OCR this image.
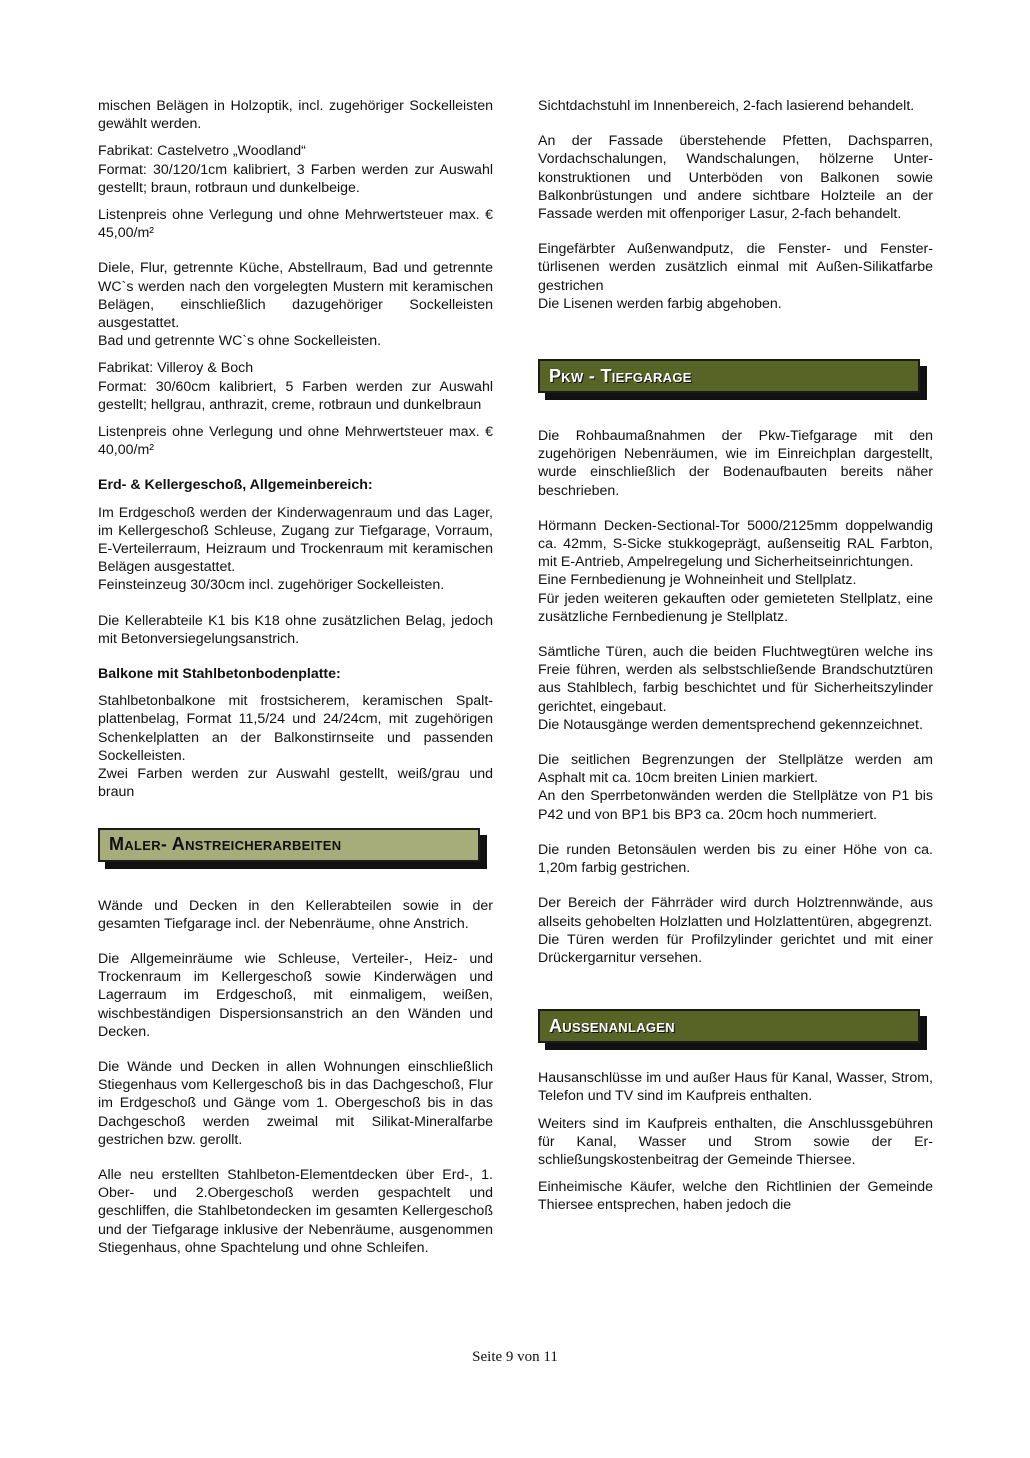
mischen Belägen in Holzoptik, incl. zugehöriger Sockelleisten gewählt werden.

Fabrikat: Castelvetro „Woodland“

Format: 30/120/1cm kalibriert, 3 Farben werden zur Auswahl gestellt; braun, rotbraun und dunkelbeige.

Listenpreis ohne Verlegung und ohne Mehrwertsteuer max. € 45,00/m²

Diele, Flur, getrennte Küche, Abstellraum, Bad und getrennte WC`s werden nach den vorgelegten Mustern mit keramischen Belägen, einschließlich dazugehöriger Sockelleisten ausgestattet.

Bad und getrennte WC`s ohne Sockelleisten.

Fabrikat: Villeroy & Boch

Format: 30/60cm kalibriert, 5 Farben werden zur Auswahl gestellt; hellgrau, anthrazit, creme, rotbraun und dunkelbraun

Listenpreis ohne Verlegung und ohne Mehrwertsteuer max. € 40,00/m²

Erd- & Kellergeschoß, Allgemeinbereich:

Im Erdgeschoß werden der Kinderwagenraum und das Lager, im Kellergeschoß Schleuse, Zugang zur Tiefgarage, Vorraum, E-Verteilerraum, Heizraum und Trockenraum mit keramischen Belägen ausgestattet.

Feinsteinzeug 30/30cm incl. zugehöriger Sockelleisten.

Die Kellerabteile K1 bis K18 ohne zusätzlichen Belag, jedoch mit Betonversiegelungsanstrich.

Balkone mit Stahlbetonbodenplatte:

Stahlbetonbalkone mit frostsicherem, keramischen Spaltplattenbelag, Format 11,5/24 und 24/24cm, mit zugehörigen Schenkelplatten an der Balkonstirnseite und passenden Sockelleisten.

Zwei Farben werden zur Auswahl gestellt, weiß/grau und braun

Maler- Anstreicherarbeiten

Wände und Decken in den Kellerabteilen sowie in der gesamten Tiefgarage incl. der Nebenräume, ohne Anstrich.

Die Allgemeinräume wie Schleuse, Verteiler-, Heiz- und Trockenraum im Kellergeschoß sowie Kinderwägen und Lagerraum im Erdgeschoß, mit einmaligem, weißen, wischbeständigen Dispersionsanstrich an den Wänden und Decken.

Die Wände und Decken in allen Wohnungen einschließlich Stiegenhaus vom Kellergeschoß bis in das Dachgeschoß, Flur im Erdgeschoß und Gänge vom 1. Obergeschoß bis in das Dachgeschoß werden zweimal mit Silikat-Mineralfarbe gestrichen bzw. gerollt.

Alle neu erstellten Stahlbeton-Elementdecken über Erd-, 1. Ober- und 2.Obergeschoß werden gespachtelt und geschliffen, die Stahlbetondecken im gesamten Kellergeschoß und der Tiefgarage inklusive der Nebenräume, ausgenommen Stiegenhaus, ohne Spachtelung und ohne Schleifen.

Sichtdachstuhl im Innenbereich, 2-fach lasierend behandelt.

An der Fassade überstehende Pfetten, Dachsparren, Vordachschalungen, Wandschalungen, hölzerne Unterkonstruktionen und Unterböden von Balkonen sowie Balkonbrüstungen und andere sichtbare Holzteile an der Fassade werden mit offenporiger Lasur, 2-fach behandelt.

Eingefärbter Außenwandputz, die Fenster- und Fenstertürlisenen werden zusätzlich einmal mit Außen-Silikatfarbe gestrichen

Die Lisenen werden farbig abgehoben.

Pkw - Tiefgarage

Die Rohbaumaßnahmen der Pkw-Tiefgarage mit den zugehörigen Nebenräumen, wie im Einreichplan dargestellt, wurde einschließlich der Bodenaufbauten bereits näher beschrieben.

Hörmann Decken-Sectional-Tor 5000/2125mm doppelwandig ca. 42mm, S-Sicke stukkogeprägt, außenseitig RAL Farbton, mit E-Antrieb, Ampelregelung und Sicherheitseinrichtungen.

Eine Fernbedienung je Wohneinheit und Stellplatz.

Für jeden weiteren gekauften oder gemieteten Stellplatz, eine zusätzliche Fernbedienung je Stellplatz.

Sämtliche Türen, auch die beiden Fluchtwegtüren welche ins Freie führen, werden als selbstschließende Brandschutztüren aus Stahlblech, farbig beschichtet und für Sicherheitszylinder gerichtet, eingebaut.

Die Notausgänge werden dementsprechend gekennzeichnet.

Die seitlichen Begrenzungen der Stellplätze werden am Asphalt mit ca. 10cm breiten Linien markiert.

An den Sperrbetonwänden werden die Stellplätze von P1 bis P42 und von BP1 bis BP3 ca. 20cm hoch nummeriert.

Die runden Betonsäulen werden bis zu einer Höhe von ca. 1,20m farbig gestrichen.

Der Bereich der Fährräder wird durch Holztrennwände, aus allseits gehobelten Holzlatten und Holzlattentüren, abgegrenzt.

Die Türen werden für Profilzylinder gerichtet und mit einer Drückergarnitur versehen.

Aussenanlagen

Hausanschlüsse im und außer Haus für Kanal, Wasser, Strom, Telefon und TV sind im Kaufpreis enthalten.

Weiters sind im Kaufpreis enthalten, die Anschlussgebühren für Kanal, Wasser und Strom sowie der Erschließungskostenbeitrag der Gemeinde Thiersee.

Einheimische Käufer, welche den Richtlinien der Gemeinde Thiersee entsprechen, haben jedoch die

Seite 9 von 11
